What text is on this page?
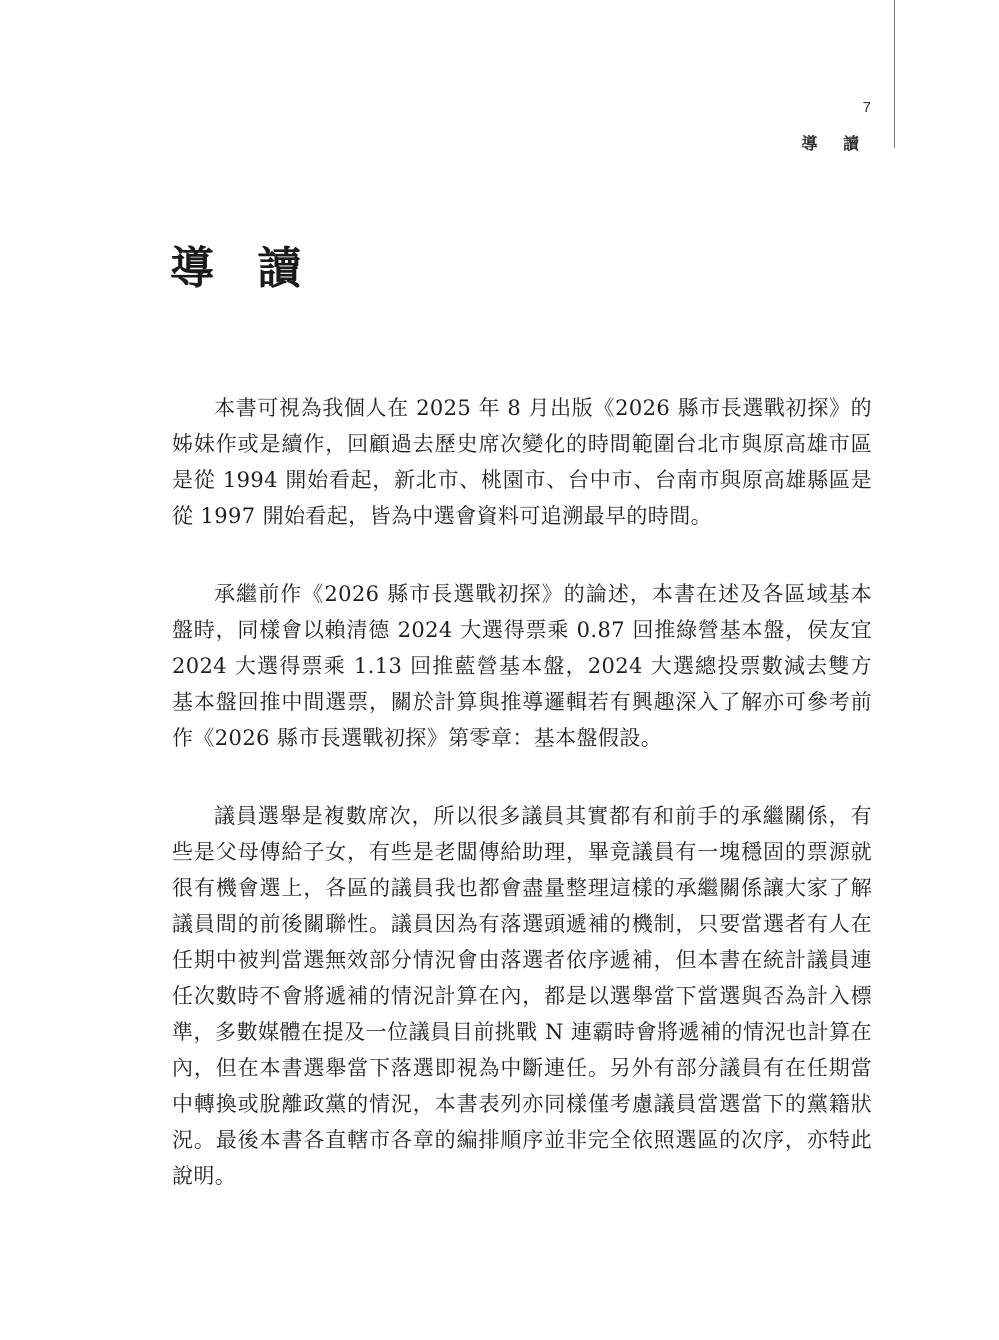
7
導 讀
導 讀

本書可視為我個人在 2025 年 8 月出版《2026 縣市長選戰初探》的姊妹作或是續作，回顧過去歷史席次變化的時間範圍台北市與原高雄市區是從 1994 開始看起，新北市、桃園市、台中市、台南市與原高雄縣區是從 1997 開始看起，皆為中選會資料可追溯最早的時間。

承繼前作《2026 縣市長選戰初探》的論述，本書在述及各區域基本盤時，同樣會以賴清德 2024 大選得票乘 0.87 回推綠營基本盤，侯友宜 2024 大選得票乘 1.13 回推藍營基本盤，2024 大選總投票數減去雙方基本盤回推中間選票，關於計算與推導邏輯若有興趣深入了解亦可參考前作《2026 縣市長選戰初探》第零章：基本盤假設。

議員選舉是複數席次，所以很多議員其實都有和前手的承繼關係，有些是父母傳給子女，有些是老闆傳給助理，畢竟議員有一塊穩固的票源就很有機會選上，各區的議員我也都會盡量整理這樣的承繼關係讓大家了解議員間的前後關聯性。議員因為有落選頭遞補的機制，只要當選者有人在任期中被判當選無效部分情況會由落選者依序遞補，但本書在統計議員連任次數時不會將遞補的情況計算在內，都是以選舉當下當選與否為計入標準，多數媒體在提及一位議員目前挑戰 N 連霸時會將遞補的情況也計算在內，但在本書選舉當下落選即視為中斷連任。另外有部分議員有在任期當中轉換或脫離政黨的情況，本書表列亦同樣僅考慮議員當選當下的黨籍狀況。最後本書各直轄市各章的編排順序並非完全依照選區的次序，亦特此說明。
